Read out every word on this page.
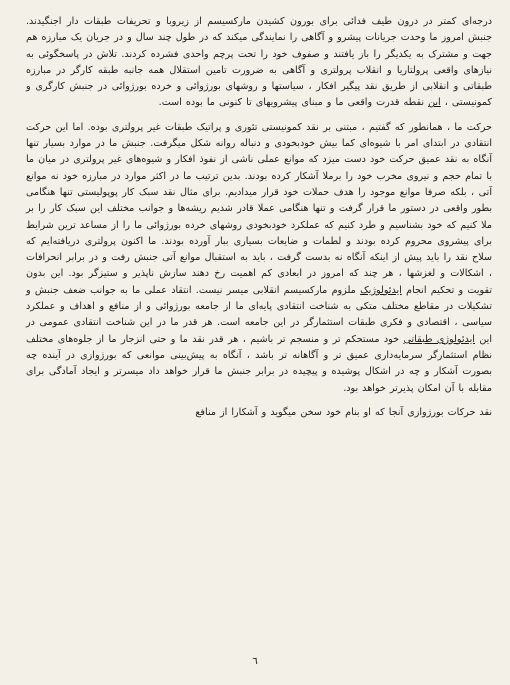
درجه‌ای کمتر در درون طیف فدائی برای بورون کشیدن مارکسیسم از زیروبا و تحریفات طبقات دار اجنگیدند. جنبش امروز ما وحدت جریانات پیشرو و آگاهی را نمایندگی میکند که در طول چند سال و در جریان یک مبارزه هم جهت و مشترک به یکدیگر را باز یافتند و صفوف خود را تحت پرچم واحدی فشرده کردند. تلاش در پاسخگوئی به نیازهای واقعی پرولتاریا و انقلاب پرولتری و آگاهی به ضرورت تامین استقلال همه جانبه طبقه کارگر در مبارزه طبقاتی و انقلابی از طریق نقد پیگیر افکار ، سیاستها و روشهای بورژوائی و خرده بورژوائی در جنبش کارگری و کمونیستی ، این نقطه قدرت واقعی ما و مبنای پیشرویهای تا کنونی ما بوده است.

حرکت ما ، همانطور که گفتیم ، مبتنی بر نقد کمونیستی تئوری و پراتیک طبقات غیر پرولتری بوده. اما این حرکت انتقادی در ابتدای امر با شیوه‌ای کما بیش خودبخودی و دنباله روانه شکل میگرفت. جنبش ما در موارد بسیار تنها آنگاه به نقد عمیق حرکت خود دست میزد که موانع عملی ناشی از نفوذ افکار و شیوه‌های غیر پرولتری در میان ما با تمام حجم و نیروی مخرب خود را برملا آشکار کرده بودند. بدین ترتیب ما در اکثر موارد در مبارزه خود نه موانع آتی ، بلکه صرفا موانع موجود را هدف حملات خود قرار میدادیم. برای مثال نقد سبک کار پوپولیستی تنها هنگامی بطور واقعی در دستور ما قرار گرفت و تنها هنگامی عملا قادر شدیم ریشه‌ها و جوانب مختلف این سبک کار را بر ملا کنیم که خود بشناسیم و طرد کنیم که عملکرد خودبخودی روشهای خرده بورژوائی ما را از مساعد ترین شرایط برای پیشروی محروم کرده بودند و لطمات و ضایعات بسیاری ببار آورده بودند. ما اکنون پرولتری دریافته‌ایم که سلاح نقد را باید پیش از اینکه آنگاه نه بدست گرفت ، باید به استقبال موانع آتی جنبش رفت و در برابر انحرافات ، اشکالات و لغزشها ، هر چند که امروز در ابعادی کم اهمیت رخ دهند سازش ناپذیر و ستیزگر بود. این بدون تقویت و تحکیم انجام ایدئولوژیک ملزوم مارکسیسم انقلابی میسر نیست. انتقاد عملی ما به جوانب ضعف جنبش و تشکیلات در مقاطع مختلف متکی به شناخت انتقادی پایه‌ای ما از جامعه بورژوائی و از منافع و اهداف و عملکرد سیاسی ، اقتصادی و فکری طبقات استثمارگر در این جامعه است. هر قدر ما در این شناخت انتقادی عمومی در این ایدئولوژی طبقاتی خود مستحکم تر و منسجم تر باشیم ، هر قدر نقد ما و حتی انزجار ما از جلوه‌های مختلف نظام استثمارگر سرمایه‌داری عمیق تر و آگاهانه تر باشد ، آنگاه به پیش‌بینی موانعی که بورژوازی در آینده چه بصورت آشکار و چه در اشکال پوشیده و پیچیده در برابر جنبش ما قرار خواهد داد میسرتر و ایجاد آمادگی برای مقابله با آن امکان پذیرتر خواهد بود.

نقد حرکات بورژوازی آنجا که او بنام خود سخن میگوید و آشکارا از منافع

٦
